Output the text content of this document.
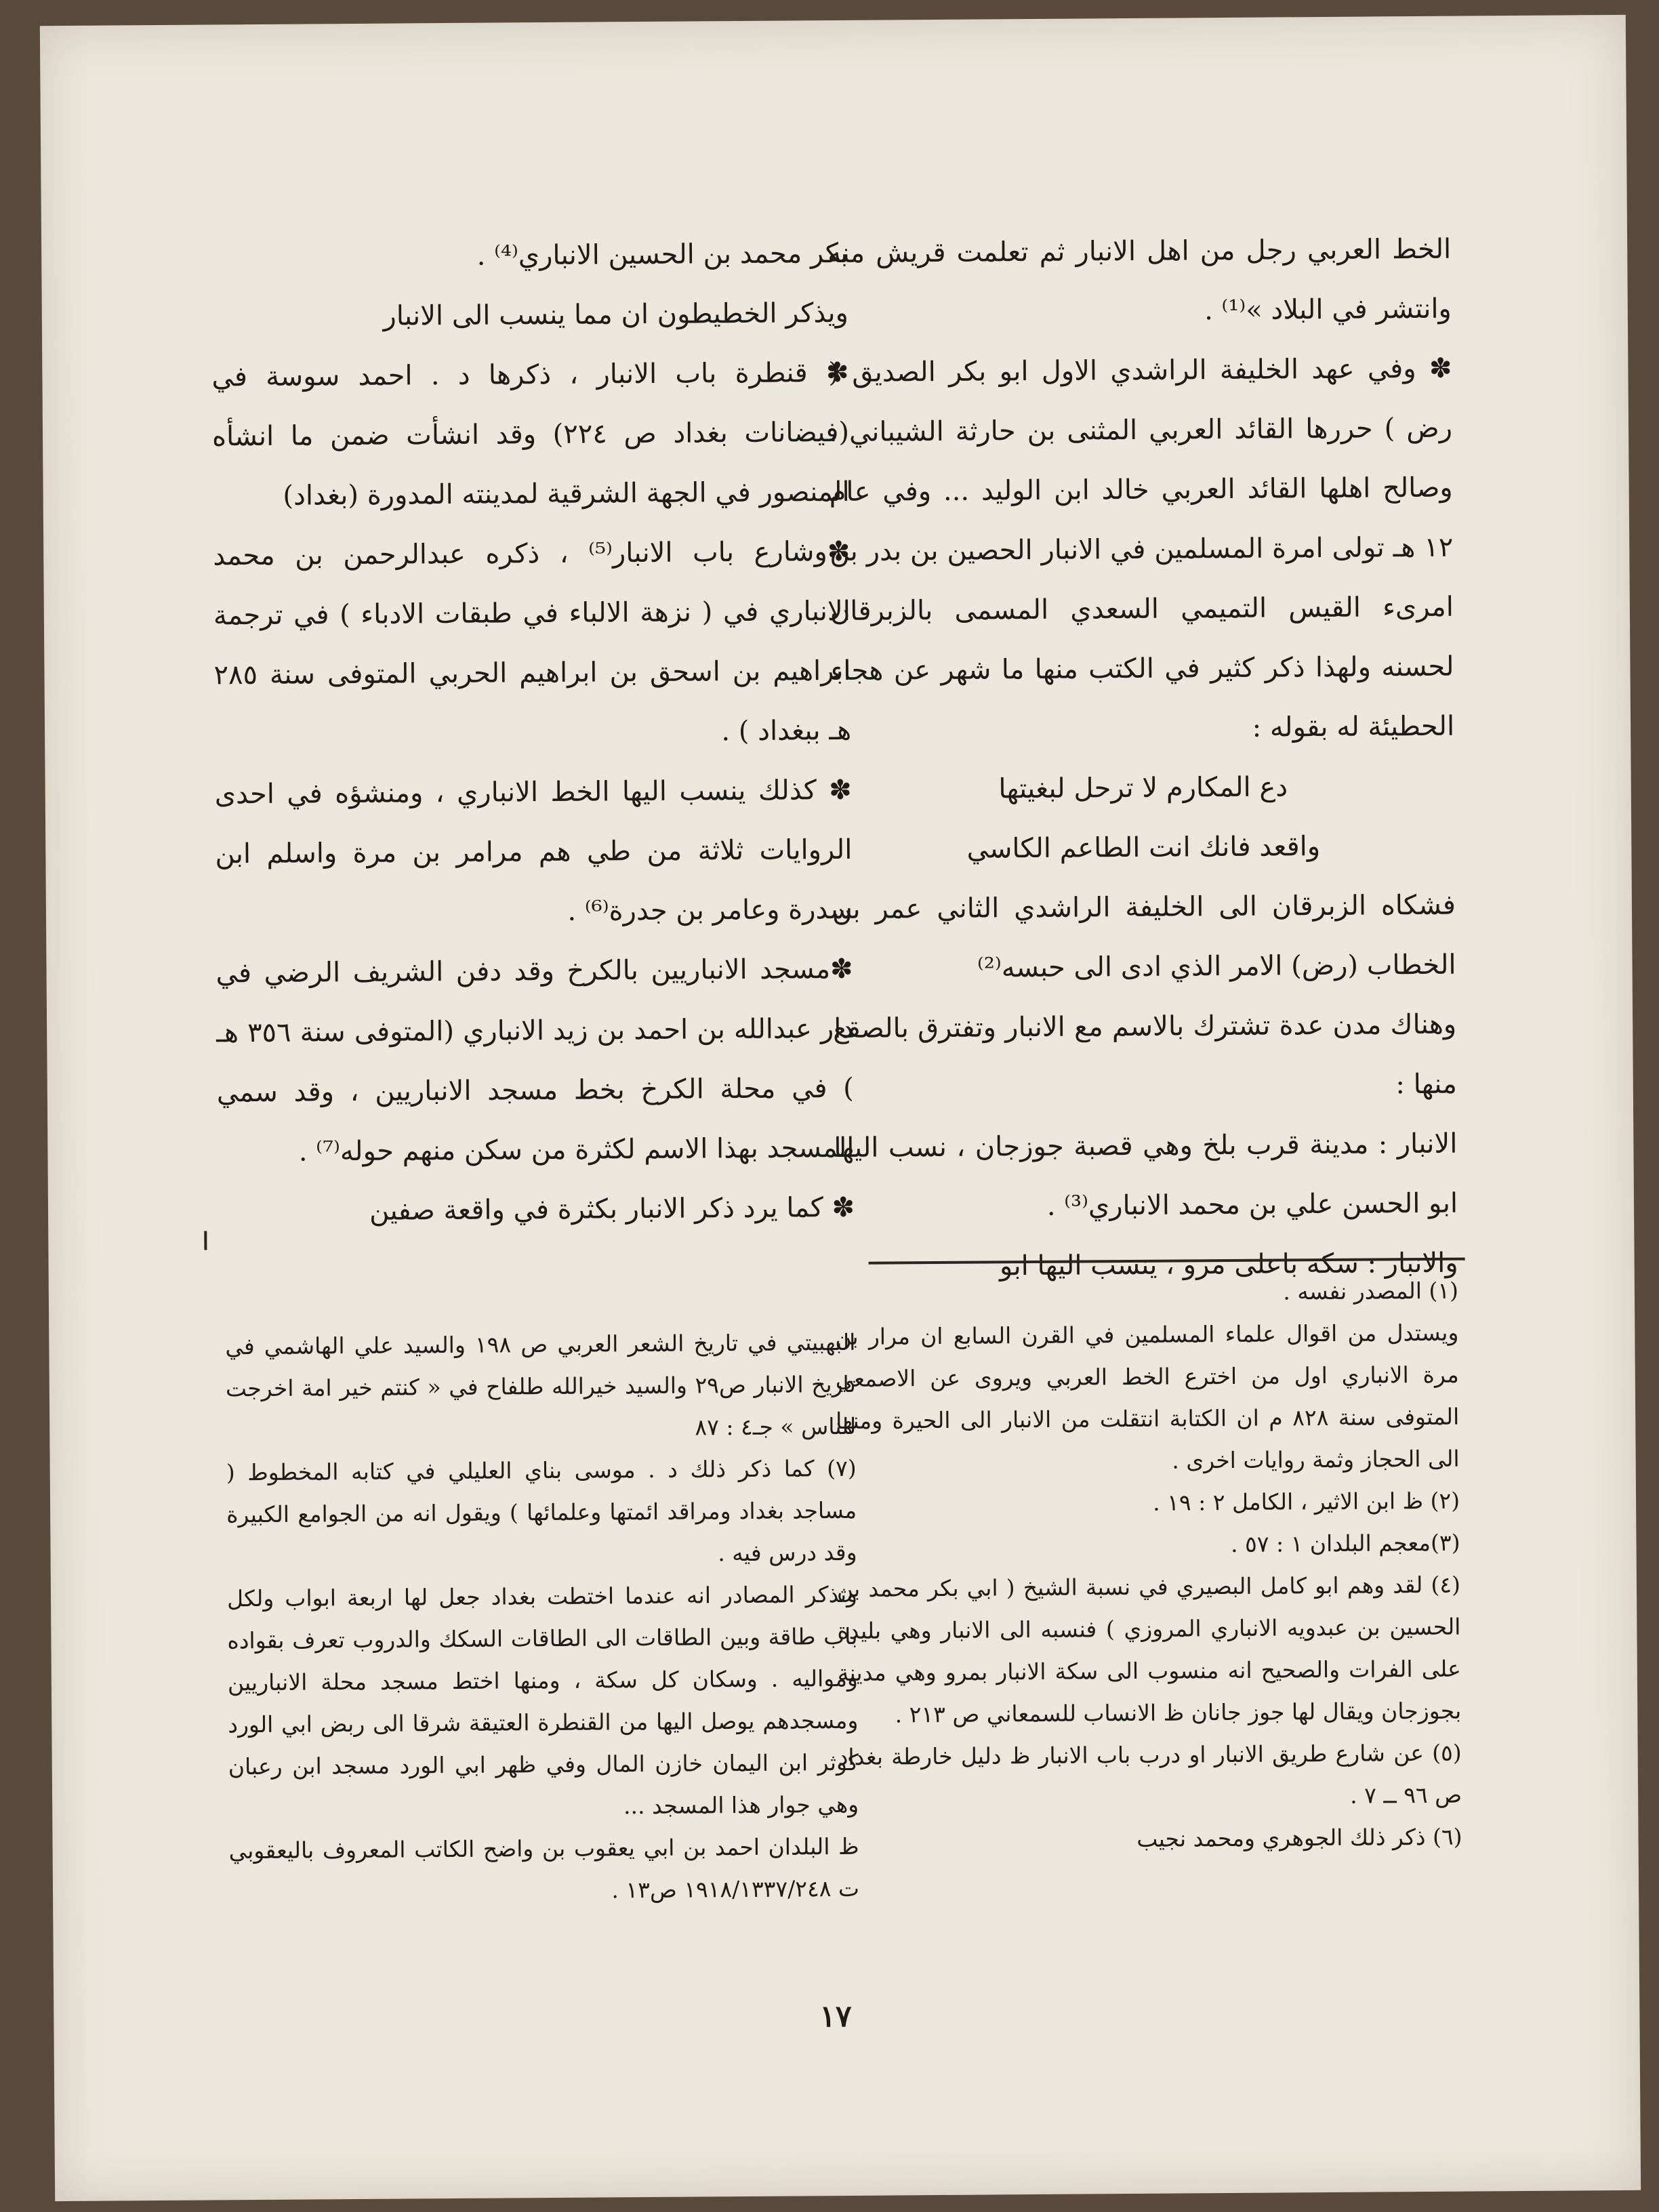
الخط العربي رجل من اهل الانبار ثم تعلمت قريش منه وانتشر في البلاد »⁽¹⁾ .

✽ وفي عهد الخليفة الراشدي الاول ابو بكر الصديق ( رض ) حررها القائد العربي المثنى بن حارثة الشيباني ، وصالح اهلها القائد العربي خالد ابن الوليد ... وفي عام ١٢ هـ تولى امرة المسلمين في الانبار الحصين بن بدر بن امرىء القيس التميمي السعدي المسمى بالزبرقان لحسنه ولهذا ذكر كثير في الكتب منها ما شهر عن هجاء الحطيئة له بقوله :

دع المكارم لا ترحل لبغيتها

واقعد فانك انت الطاعم الكاسي

فشكاه الزبرقان الى الخليفة الراشدي الثاني عمر بن الخطاب (رض) الامر الذي ادى الى حبسه⁽²⁾

وهناك مدن عدة تشترك بالاسم مع الانبار وتفترق بالصقع منها :

الانبار : مدينة قرب بلخ وهي قصبة جوزجان ، نسب اليها ابو الحسن علي بن محمد الانباري⁽³⁾ .

والانبار : سكة باعلى مرو ، ينسب اليها ابو

بكر محمد بن الحسين الانباري⁽⁴⁾ .

ويذكر الخطيطون ان مما ينسب الى الانبار

✽ قنطرة باب الانبار ، ذكرها د . احمد سوسة في (فيضانات بغداد ص ٢٢٤) وقد انشأت ضمن ما انشأه المنصور في الجهة الشرقية لمدينته المدورة (بغداد)

✽وشارع باب الانبار⁽⁵⁾ ، ذكره عبدالرحمن بن محمد الانباري في ( نزهة الالباء في طبقات الادباء ) في ترجمة ابراهيم بن اسحق بن ابراهيم الحربي المتوفى سنة ٢٨٥ هـ ببغداد ) .

✽ كذلك ينسب اليها الخط الانباري ، ومنشؤه في احدى الروايات ثلاثة من طي هم مرامر بن مرة واسلم ابن سدرة وعامر بن جدرة⁽⁶⁾ .

✽مسجد الانباريين بالكرخ وقد دفن الشريف الرضي في دار عبدالله بن احمد بن زيد الانباري (المتوفى سنة ٣٥٦ هـ ) في محلة الكرخ بخط مسجد الانباريين ، وقد سمي المسجد بهذا الاسم لكثرة من سكن منهم حوله⁽⁷⁾ .

✽ كما يرد ذكر الانبار بكثرة في واقعة صفين

(١) المصدر نفسه .

ويستدل من اقوال علماء المسلمين في القرن السابع ان مرار بن مرة الانباري اول من اخترع الخط العربي ويروى عن الاصمعي المتوفى سنة ٨٢٨ م ان الكتابة انتقلت من الانبار الى الحيرة ومنها الى الحجاز وثمة روايات اخرى .

(٢) ظ ابن الاثير ، الكامل ٢ : ١٩ .

(٣)معجم البلدان ١ : ٥٧ .

(٤) لقد وهم ابو كامل البصيري في نسبة الشيخ ( ابي بكر محمد بن الحسين بن عبدويه الانباري المروزي ) فنسبه الى الانبار وهي بليدة على الفرات والصحيح انه منسوب الى سكة الانبار بمرو وهي مدينة بجوزجان ويقال لها جوز جانان ظ الانساب للسمعاني ص ٢١٣ .

(٥) عن شارع طريق الانبار او درب باب الانبار ظ دليل خارطة بغداد ص ٩٦ ــ ٧ .

(٦) ذكر ذلك الجوهري ومحمد نجيب

البهبيتي في تاريخ الشعر العربي ص ١٩٨ والسيد علي الهاشمي في تاريخ الانبار ص٢٩ والسيد خيرالله طلفاح في « كنتم خير امة اخرجت للناس » جـ٤ : ٨٧

(٧) كما ذكر ذلك د . موسى بناي العليلي في كتابه المخطوط ( مساجد بغداد ومراقد ائمتها وعلمائها ) ويقول انه من الجوامع الكبيرة وقد درس فيه .

وتذكر المصادر انه عندما اختطت بغداد جعل لها اربعة ابواب ولكل باب طاقة وبين الطاقات الى الطاقات السكك والدروب تعرف بقواده ومواليه . وسكان كل سكة ، ومنها اختط مسجد محلة الانباريين ومسجدهم يوصل اليها من القنطرة العتيقة شرقا الى ربض ابي الورد كوثر ابن اليمان خازن المال وفي ظهر ابي الورد مسجد ابن رعبان وهي جوار هذا المسجد ...

ظ البلدان احمد بن ابي يعقوب بن واضح الكاتب المعروف باليعقوبي ت ١٩١٨/١٣٣٧/٢٤٨ ص١٣ .

١٧
